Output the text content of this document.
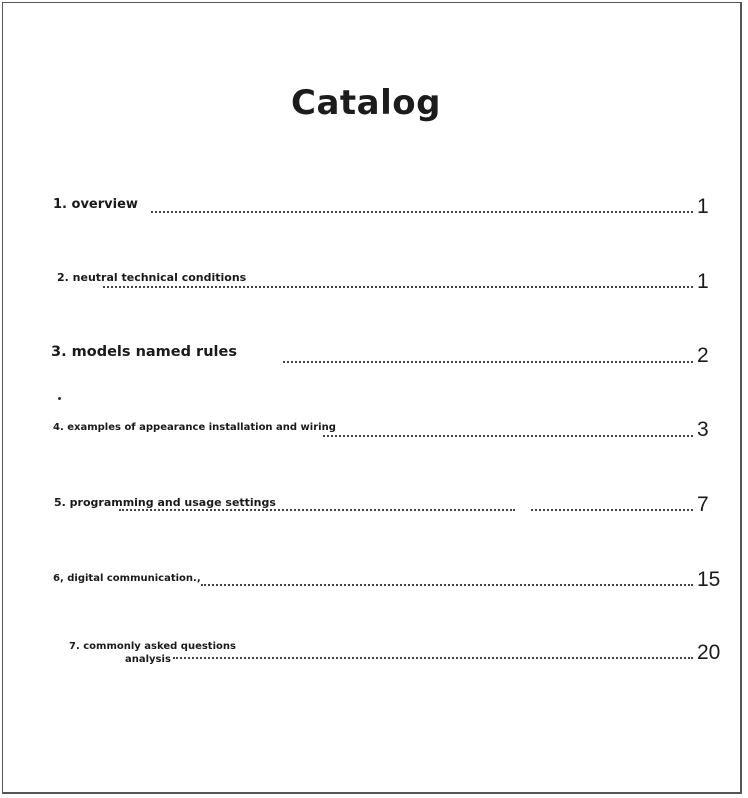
Catalog
1. overview	1
2. neutral technical conditions	1
3. models named rules	2
4. examples of appearance installation and wiring	3
5. programming and usage settings	7
6, digital communication.,	15
7. commonly asked questions
analysis	20
